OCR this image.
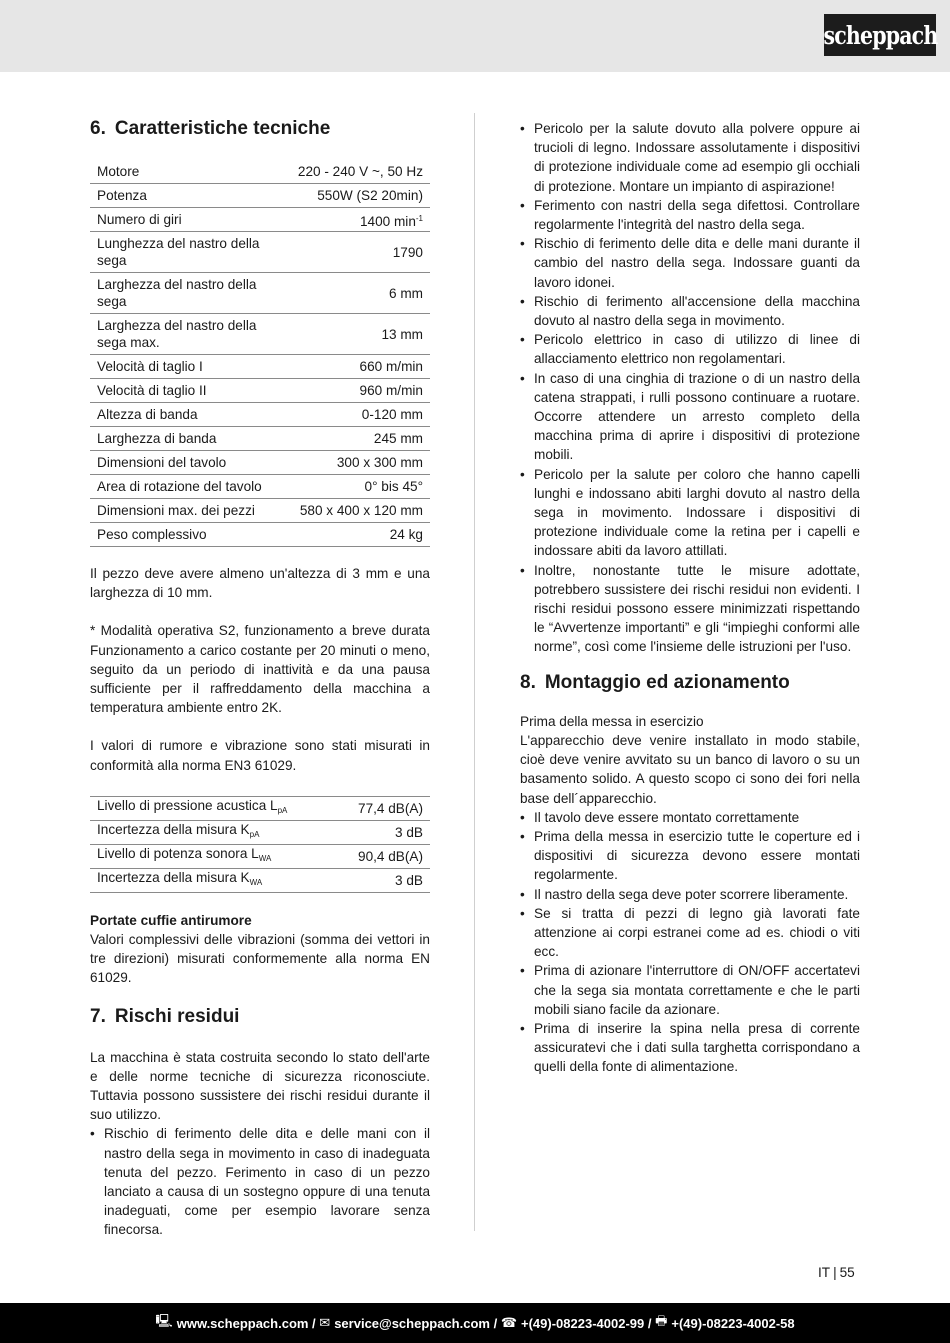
scheppach
6. Caratteristiche tecniche
Motore	220 - 240 V ~, 50 Hz
Potenza	550W (S2 20min)
Numero di giri	1400 $\min^{-1}$
Lunghezza del nastro della sega	1790
Larghezza del nastro della sega	6 mm
Larghezza del nastro della sega max.	13 mm
Velocità di taglio I	660 m/min
Velocità di taglio II	960 m/min
Altezza di banda	0-120 mm
Larghezza di banda	245 mm
Dimensioni del tavolo	300 x 300 mm
Area di rotazione del tavolo	0° bis 45°
Dimensioni max. dei pezzi	580 x 400 x 120 mm
Peso complessivo	24 kg

Il pezzo deve avere almeno un'altezza di 3 mm e una larghezza di 10 mm.

* Modalità operativa S2, funzionamento a breve durata Funzionamento a carico costante per 20 minuti o meno, seguito da un periodo di inattività e da una pausa sufficiente per il raffreddamento della macchina a temperatura ambiente entro 2K.

I valori di rumore e vibrazione sono stati misurati in conformità alla norma EN3 61029.

Livello di pressione acustica $L_{pA}$	77,4 dB(A)
Incertezza della misura $K_{pA}$	3 dB
Livello di potenza sonora $L_{WA}$	90,4 dB(A)
Incertezza della misura $K_{WA}$	3 dB

Portate cuffie antirumore

Valori complessivi delle vibrazioni (somma dei vettori in tre direzioni) misurati conformemente alla norma EN 61029.

7. Rischi residui

La macchina è stata costruita secondo lo stato dell'arte e delle norme tecniche di sicurezza riconosciute. Tuttavia possono sussistere dei rischi residui durante il suo utilizzo.

• Rischio di ferimento delle dita e delle mani con il nastro della sega in movimento in caso di inadeguata tenuta del pezzo. Ferimento in caso di un pezzo lanciato a causa di un sostegno oppure di una tenuta inadeguati, come per esempio lavorare senza finecorsa.
• Pericolo per la salute dovuto alla polvere oppure ai trucioli di legno. Indossare assolutamente i dispositivi di protezione individuale come ad esempio gli occhiali di protezione. Montare un impianto di aspirazione!
• Ferimento con nastri della sega difettosi. Controllare regolarmente l'integrità del nastro della sega.
• Rischio di ferimento delle dita e delle mani durante il cambio del nastro della sega. Indossare guanti da lavoro idonei.
• Rischio di ferimento all'accensione della macchina dovuto al nastro della sega in movimento.
• Pericolo elettrico in caso di utilizzo di linee di allacciamento elettrico non regolamentari.
• In caso di una cinghia di trazione o di un nastro della catena strappati, i rulli possono continuare a ruotare. Occorre attendere un arresto completo della macchina prima di aprire i dispositivi di protezione mobili.
• Pericolo per la salute per coloro che hanno capelli lunghi e indossano abiti larghi dovuto al nastro della sega in movimento. Indossare i dispositivi di protezione individuale come la retina per i capelli e indossare abiti da lavoro attillati.
• Inoltre, nonostante tutte le misure adottate, potrebbero sussistere dei rischi residui non evidenti. I rischi residui possono essere minimizzati rispettando le “Avvertenze importanti” e gli “impieghi conformi alle norme”, così come l'insieme delle istruzioni per l'uso.
8. Montaggio ed azionamento

Prima della messa in esercizio

L'apparecchio deve venire installato in modo stabile, cioè deve venire avvitato su un banco di lavoro o su un basamento solido. A questo scopo ci sono dei fori nella base dell´apparecchio.

• Il tavolo deve essere montato correttamente
• Prima della messa in esercizio tutte le coperture ed i dispositivi di sicurezza devono essere montati regolarmente.
• Il nastro della sega deve poter scorrere liberamente.
• Se si tratta di pezzi di legno già lavorati fate attenzione ai corpi estranei come ad es. chiodi o viti ecc.
• Prima di azionare l'interruttore di ON/OFF accertatevi che la sega sia montata correttamente e che le parti mobili siano facile da azionare.
• Prima di inserire la spina nella presa di corrente assicuratevi che i dati sulla targhetta corrispondano a quelli della fonte di alimentazione.
IT | 55
🖳 www.scheppach.com /
✉ service@scheppach.com /
☎ +(49)-08223-4002-99 /
🖶 +(49)-08223-4002-58
